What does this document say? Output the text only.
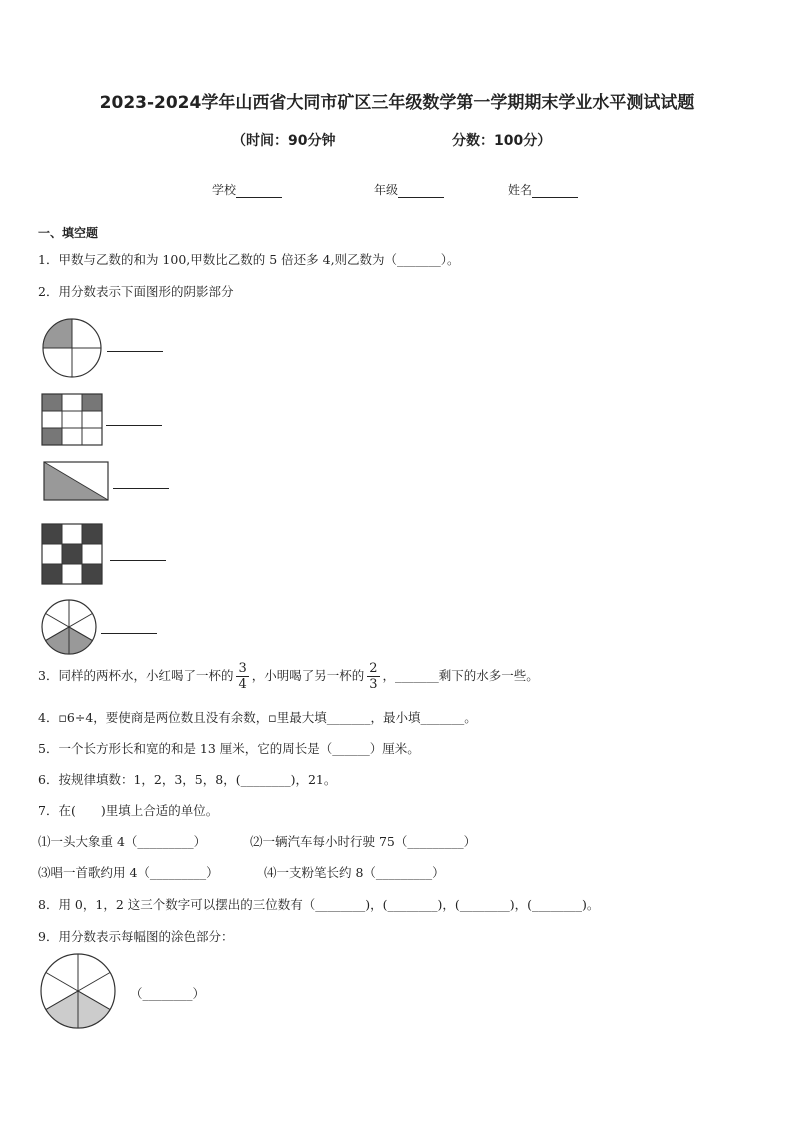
2023-2024学年山西省大同市矿区三年级数学第一学期期末学业水平测试试题
（时间：90分钟	分数：100分）
学校	年级	姓名
一、填空题
1．甲数与乙数的和为 100,甲数比乙数的 5 倍还多 4,则乙数为（_______）。
2．用分数表示下面图形的阴影部分
3．同样的两杯水，小红喝了一杯的 $\frac{3}{4}$ ，小明喝了另一杯的 $\frac{2}{3}$ ，_______剩下的水多一些。
4．▫6÷4，要使商是两位数且没有余数，▫里最大填_______，最小填_______。
5．一个长方形长和宽的和是 13 厘米，它的周长是（______）厘米。
6．按规律填数：1，2，3，5，8，(________)，21。
7．在(　　)里填上合适的单位。
⑴一头大象重 4（_________）	⑵一辆汽车每小时行驶 75（_________）
⑶唱一首歌约用 4（_________）	⑷一支粉笔长约 8（_________）
8．用 0，1，2 这三个数字可以摆出的三位数有（________)，(________)，(________)，(________)。
9．用分数表示每幅图的涂色部分：
（________）
